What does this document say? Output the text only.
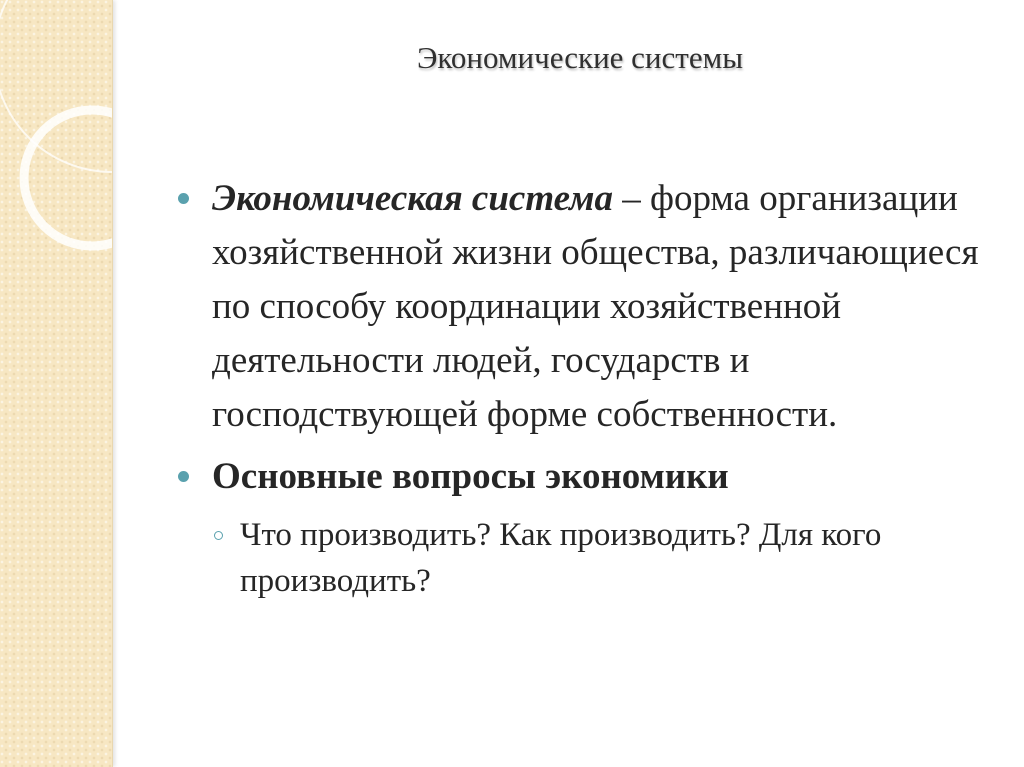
Экономические системы
Экономическая система – форма организации хозяйственной жизни общества, различающиеся по способу координации хозяйственной деятельности людей, государств и господствующей форме собственности.
Основные вопросы экономики
Что производить? Как производить? Для кого производить?
